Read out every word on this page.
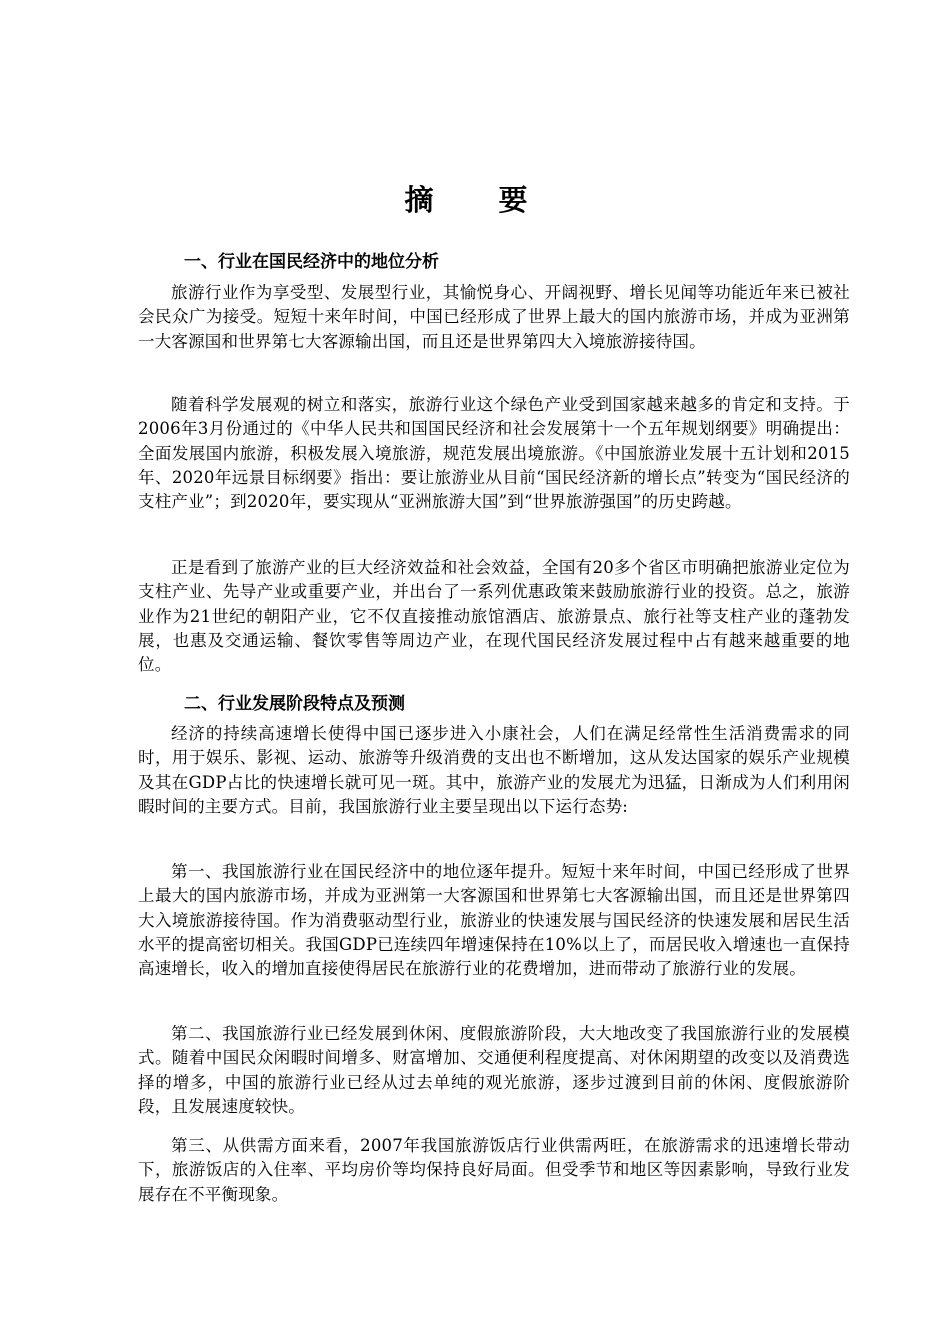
摘　要
一、行业在国民经济中的地位分析
旅游行业作为享受型、发展型行业，其愉悦身心、开阔视野、增长见闻等功能近年来已被社会民众广为接受。短短十来年时间，中国已经形成了世界上最大的国内旅游市场，并成为亚洲第一大客源国和世界第七大客源输出国，而且还是世界第四大入境旅游接待国。
随着科学发展观的树立和落实，旅游行业这个绿色产业受到国家越来越多的肯定和支持。于2006年3月份通过的《中华人民共和国国民经济和社会发展第十一个五年规划纲要》明确提出：全面发展国内旅游，积极发展入境旅游，规范发展出境旅游。《中国旅游业发展十五计划和2015年、2020年远景目标纲要》指出：要让旅游业从目前“国民经济新的增长点”转变为“国民经济的支柱产业”；到2020年，要实现从“亚洲旅游大国”到“世界旅游强国”的历史跨越。
正是看到了旅游产业的巨大经济效益和社会效益，全国有20多个省区市明确把旅游业定位为支柱产业、先导产业或重要产业，并出台了一系列优惠政策来鼓励旅游行业的投资。总之，旅游业作为21世纪的朝阳产业，它不仅直接推动旅馆酒店、旅游景点、旅行社等支柱产业的蓬勃发展，也惠及交通运输、餐饮零售等周边产业，在现代国民经济发展过程中占有越来越重要的地位。
二、行业发展阶段特点及预测
经济的持续高速增长使得中国已逐步进入小康社会，人们在满足经常性生活消费需求的同时，用于娱乐、影视、运动、旅游等升级消费的支出也不断增加，这从发达国家的娱乐产业规模及其在GDP占比的快速增长就可见一斑。其中，旅游产业的发展尤为迅猛，日渐成为人们利用闲暇时间的主要方式。目前，我国旅游行业主要呈现出以下运行态势:
第一、我国旅游行业在国民经济中的地位逐年提升。短短十来年时间，中国已经形成了世界上最大的国内旅游市场，并成为亚洲第一大客源国和世界第七大客源输出国，而且还是世界第四大入境旅游接待国。作为消费驱动型行业，旅游业的快速发展与国民经济的快速发展和居民生活水平的提高密切相关。我国GDP已连续四年增速保持在10%以上了，而居民收入增速也一直保持高速增长，收入的增加直接使得居民在旅游行业的花费增加，进而带动了旅游行业的发展。
第二、我国旅游行业已经发展到休闲、度假旅游阶段，大大地改变了我国旅游行业的发展模式。随着中国民众闲暇时间增多、财富增加、交通便利程度提高、对休闲期望的改变以及消费选择的增多，中国的旅游行业已经从过去单纯的观光旅游，逐步过渡到目前的休闲、度假旅游阶段，且发展速度较快。
第三、从供需方面来看，2007年我国旅游饭店行业供需两旺，在旅游需求的迅速增长带动下，旅游饭店的入住率、平均房价等均保持良好局面。但受季节和地区等因素影响，导致行业发展存在不平衡现象。
